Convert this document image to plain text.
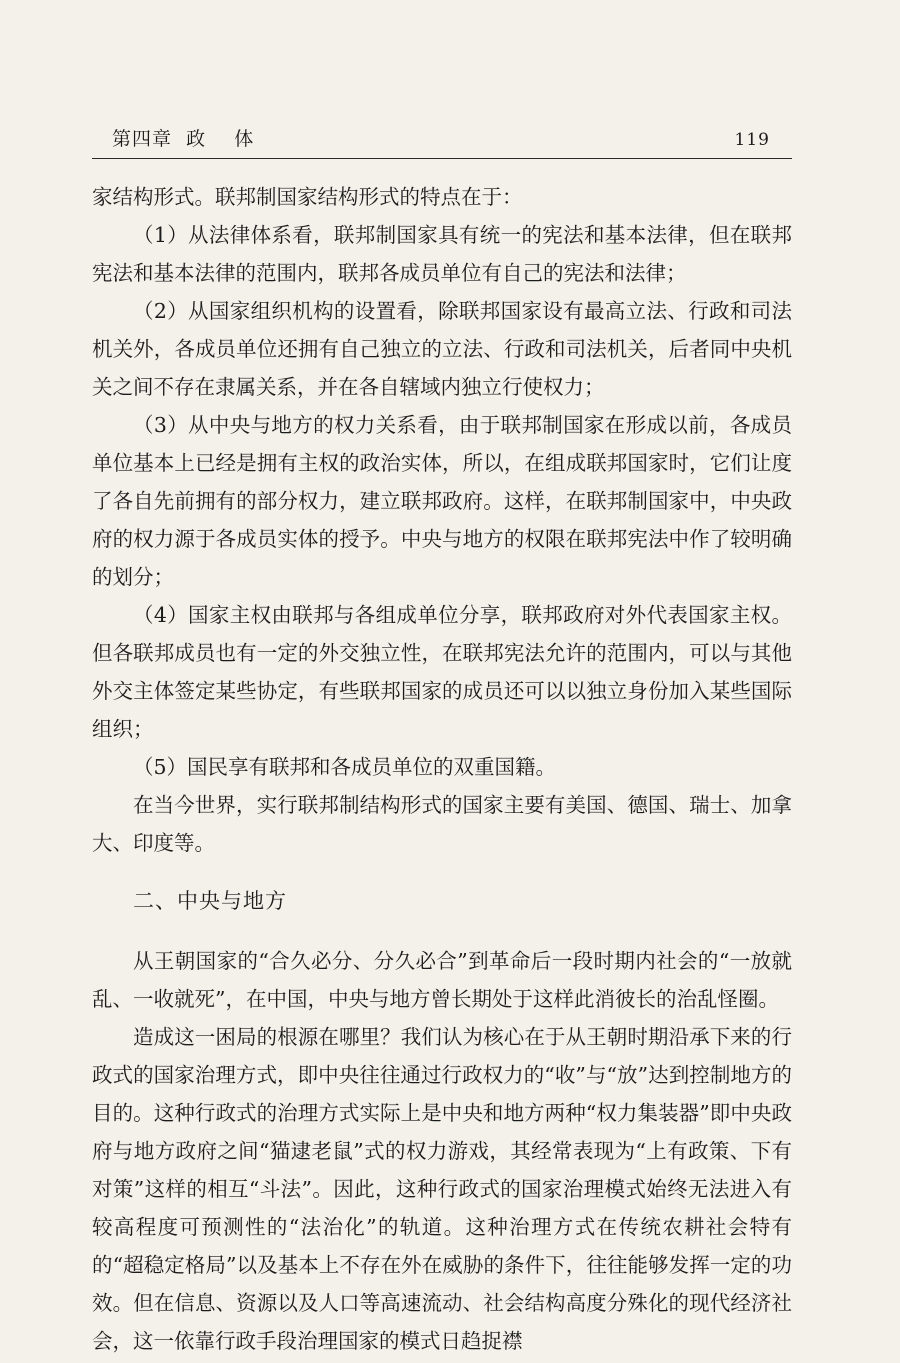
第四章  政    体	119

家结构形式。联邦制国家结构形式的特点在于：

（1）从法律体系看，联邦制国家具有统一的宪法和基本法律，但在联邦宪法和基本法律的范围内，联邦各成员单位有自己的宪法和法律；

（2）从国家组织机构的设置看，除联邦国家设有最高立法、行政和司法机关外，各成员单位还拥有自己独立的立法、行政和司法机关，后者同中央机关之间不存在隶属关系，并在各自辖域内独立行使权力；

（3）从中央与地方的权力关系看，由于联邦制国家在形成以前，各成员单位基本上已经是拥有主权的政治实体，所以，在组成联邦国家时，它们让度了各自先前拥有的部分权力，建立联邦政府。这样，在联邦制国家中，中央政府的权力源于各成员实体的授予。中央与地方的权限在联邦宪法中作了较明确的划分；

（4）国家主权由联邦与各组成单位分享，联邦政府对外代表国家主权。但各联邦成员也有一定的外交独立性，在联邦宪法允许的范围内，可以与其他外交主体签定某些协定，有些联邦国家的成员还可以以独立身份加入某些国际组织；

（5）国民享有联邦和各成员单位的双重国籍。

在当今世界，实行联邦制结构形式的国家主要有美国、德国、瑞士、加拿大、印度等。

二、中央与地方

从王朝国家的“合久必分、分久必合”到革命后一段时期内社会的“一放就乱、一收就死”，在中国，中央与地方曾长期处于这样此消彼长的治乱怪圈。

造成这一困局的根源在哪里？我们认为核心在于从王朝时期沿承下来的行政式的国家治理方式，即中央往往通过行政权力的“收”与“放”达到控制地方的目的。这种行政式的治理方式实际上是中央和地方两种“权力集装器”即中央政府与地方政府之间“猫逮老鼠”式的权力游戏，其经常表现为“上有政策、下有对策”这样的相互“斗法”。因此，这种行政式的国家治理模式始终无法进入有较高程度可预测性的“法治化”的轨道。这种治理方式在传统农耕社会特有的“超稳定格局”以及基本上不存在外在威胁的条件下，往往能够发挥一定的功效。但在信息、资源以及人口等高速流动、社会结构高度分殊化的现代经济社会，这一依靠行政手段治理国家的模式日趋捉襟
